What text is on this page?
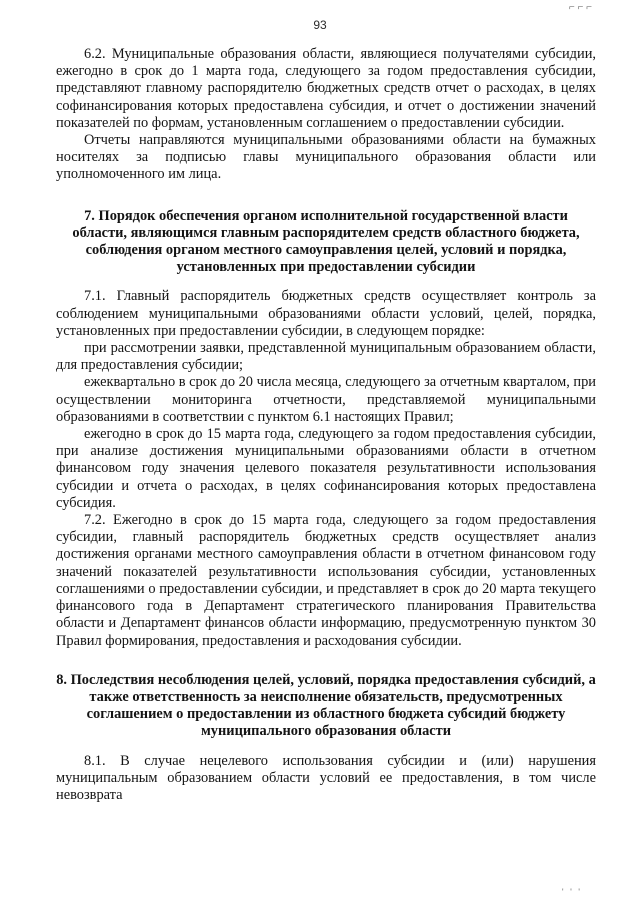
⌐ ⌐ ⌐
93

6.2. Муниципальные образования области, являющиеся получателями субсидии, ежегодно в срок до 1 марта года, следующего за годом предоставления субсидии, представляют главному распорядителю бюджетных средств отчет о расходах, в целях софинансирования которых предоставлена субсидия, и отчет о достижении значений показателей по формам, установленным соглашением о предоставлении субсидии.

Отчеты направляются муниципальными образованиями области на бумажных носителях за подписью главы муниципального образования области или уполномоченного им лица.

7. Порядок обеспечения органом исполнительной государственной власти области, являющимся главным распорядителем средств областного бюджета, соблюдения органом местного самоуправления целей, условий и порядка, установленных при предоставлении субсидии

7.1. Главный распорядитель бюджетных средств осуществляет контроль за соблюдением муниципальными образованиями области условий, целей, порядка, установленных при предоставлении субсидии, в следующем порядке:

при рассмотрении заявки, представленной муниципальным образованием области, для предоставления субсидии;

ежеквартально в срок до 20 числа месяца, следующего за отчетным кварталом, при осуществлении мониторинга отчетности, представляемой муниципальными образованиями в соответствии с пунктом 6.1 настоящих Правил;

ежегодно в срок до 15 марта года, следующего за годом предоставления субсидии, при анализе достижения муниципальными образованиями области в отчетном финансовом году значения целевого показателя результативности использования субсидии и отчета о расходах, в целях софинансирования которых предоставлена субсидия.

7.2. Ежегодно в срок до 15 марта года, следующего за годом предоставления субсидии, главный распорядитель бюджетных средств осуществляет анализ достижения органами местного самоуправления области в отчетном финансовом году значений показателей результативности использования субсидии, установленных соглашениями о предоставлении субсидии, и представляет в срок до 20 марта текущего финансового года в Департамент стратегического планирования Правительства области и Департамент финансов области информацию, предусмотренную пунктом 30 Правил формирования, предоставления и расходования субсидии.

8. Последствия несоблюдения целей, условий, порядка предоставления субсидий, а также ответственность за неисполнение обязательств, предусмотренных соглашением о предоставлении из областного бюджета субсидий бюджету муниципального образования области

8.1. В случае нецелевого использования субсидии и (или) нарушения муниципальным образованием области условий ее предоставления, в том числе невозврата

' ' '
